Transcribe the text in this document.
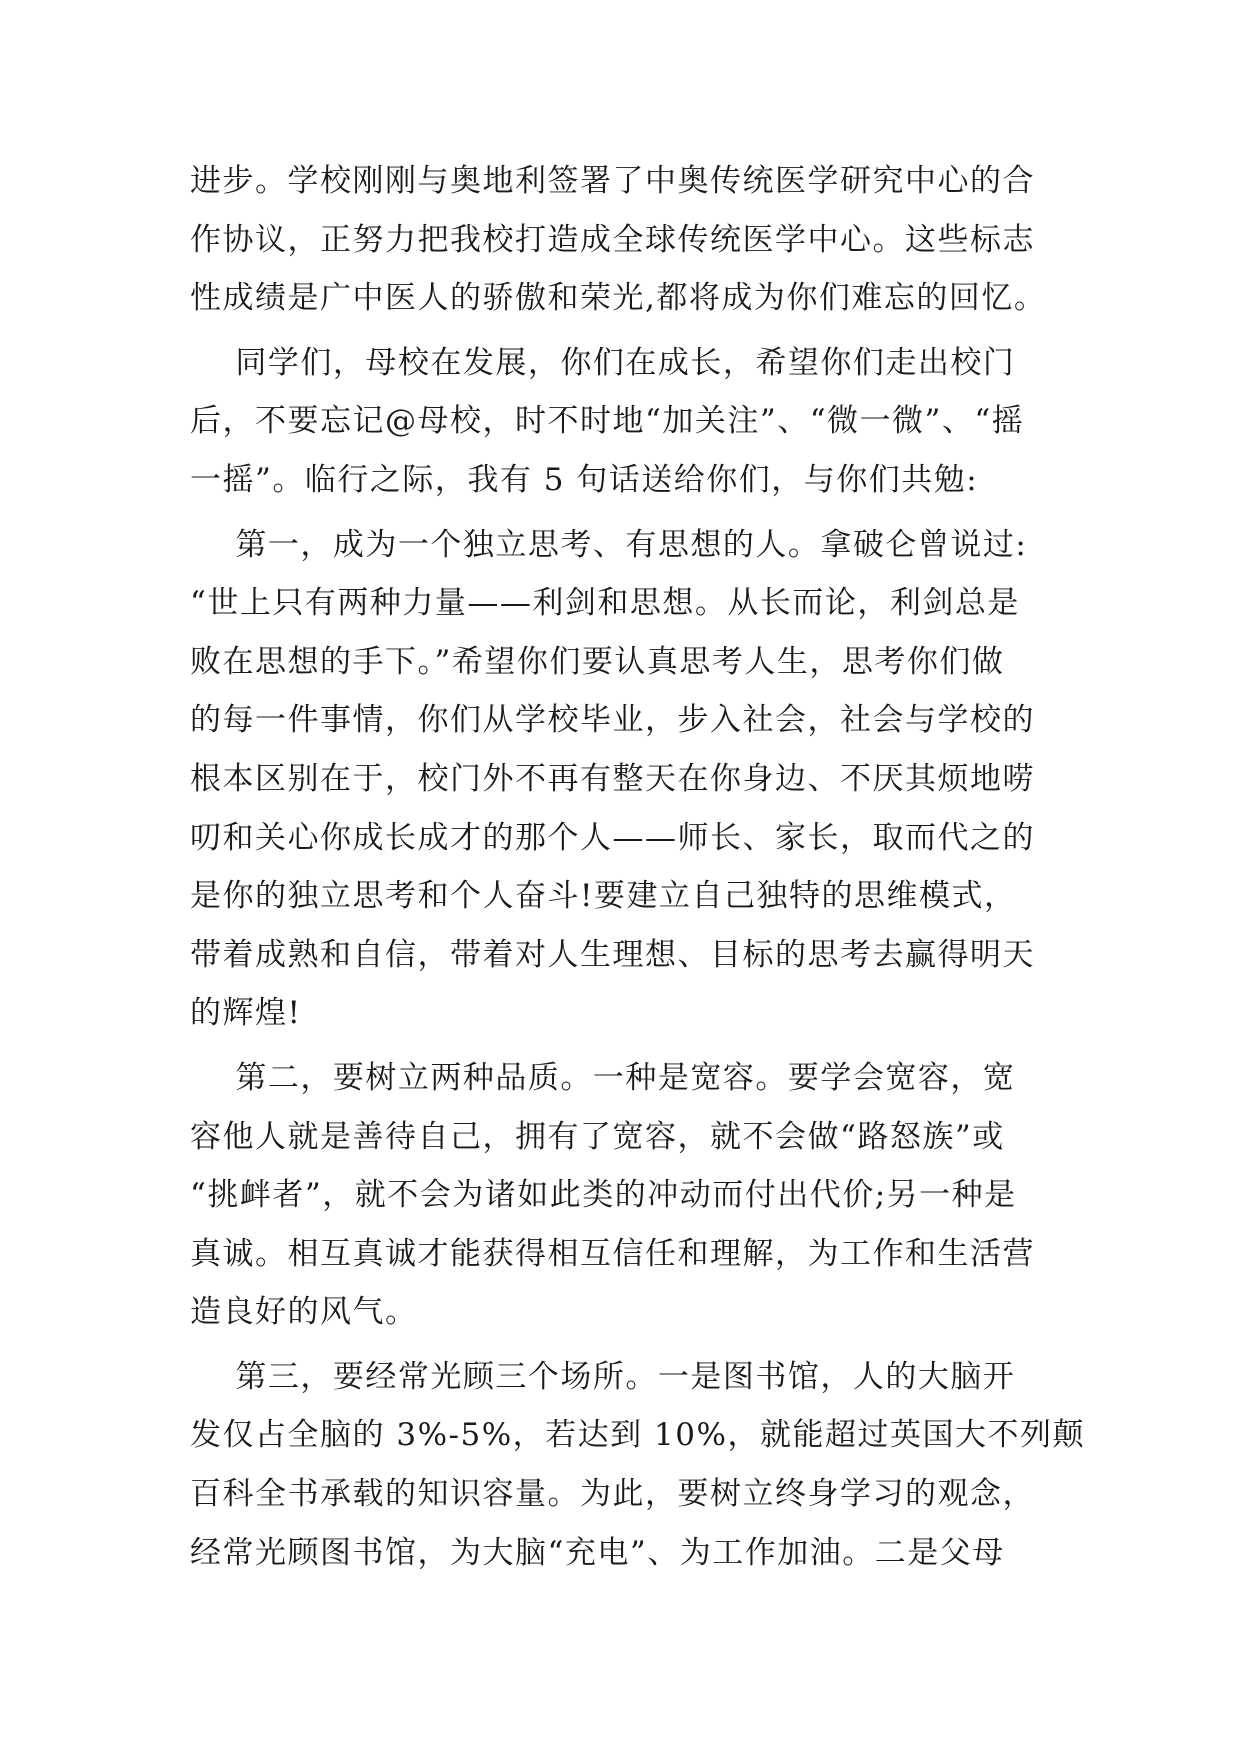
进步。学校刚刚与奥地利签署了中奥传统医学研究中心的合
作协议，正努力把我校打造成全球传统医学中心。这些标志
性成绩是广中医人的骄傲和荣光,都将成为你们难忘的回忆。
同学们，母校在发展，你们在成长，希望你们走出校门
后，不要忘记@母校，时不时地“加关注”、“微一微”、“摇
一摇”。临行之际，我有 5 句话送给你们，与你们共勉:
第一，成为一个独立思考、有思想的人。拿破仑曾说过:
“世上只有两种力量——利剑和思想。从长而论，利剑总是
败在思想的手下。”希望你们要认真思考人生，思考你们做
的每一件事情，你们从学校毕业，步入社会，社会与学校的
根本区别在于，校门外不再有整天在你身边、不厌其烦地唠
叨和关心你成长成才的那个人——师长、家长，取而代之的
是你的独立思考和个人奋斗!要建立自己独特的思维模式，
带着成熟和自信，带着对人生理想、目标的思考去赢得明天
的辉煌!
第二，要树立两种品质。一种是宽容。要学会宽容，宽
容他人就是善待自己，拥有了宽容，就不会做“路怒族”或
“挑衅者”，就不会为诸如此类的冲动而付出代价;另一种是
真诚。相互真诚才能获得相互信任和理解，为工作和生活营
造良好的风气。
第三，要经常光顾三个场所。一是图书馆，人的大脑开
发仅占全脑的 3%-5%，若达到 10%，就能超过英国大不列颠
百科全书承载的知识容量。为此，要树立终身学习的观念，
经常光顾图书馆，为大脑“充电”、为工作加油。二是父母
